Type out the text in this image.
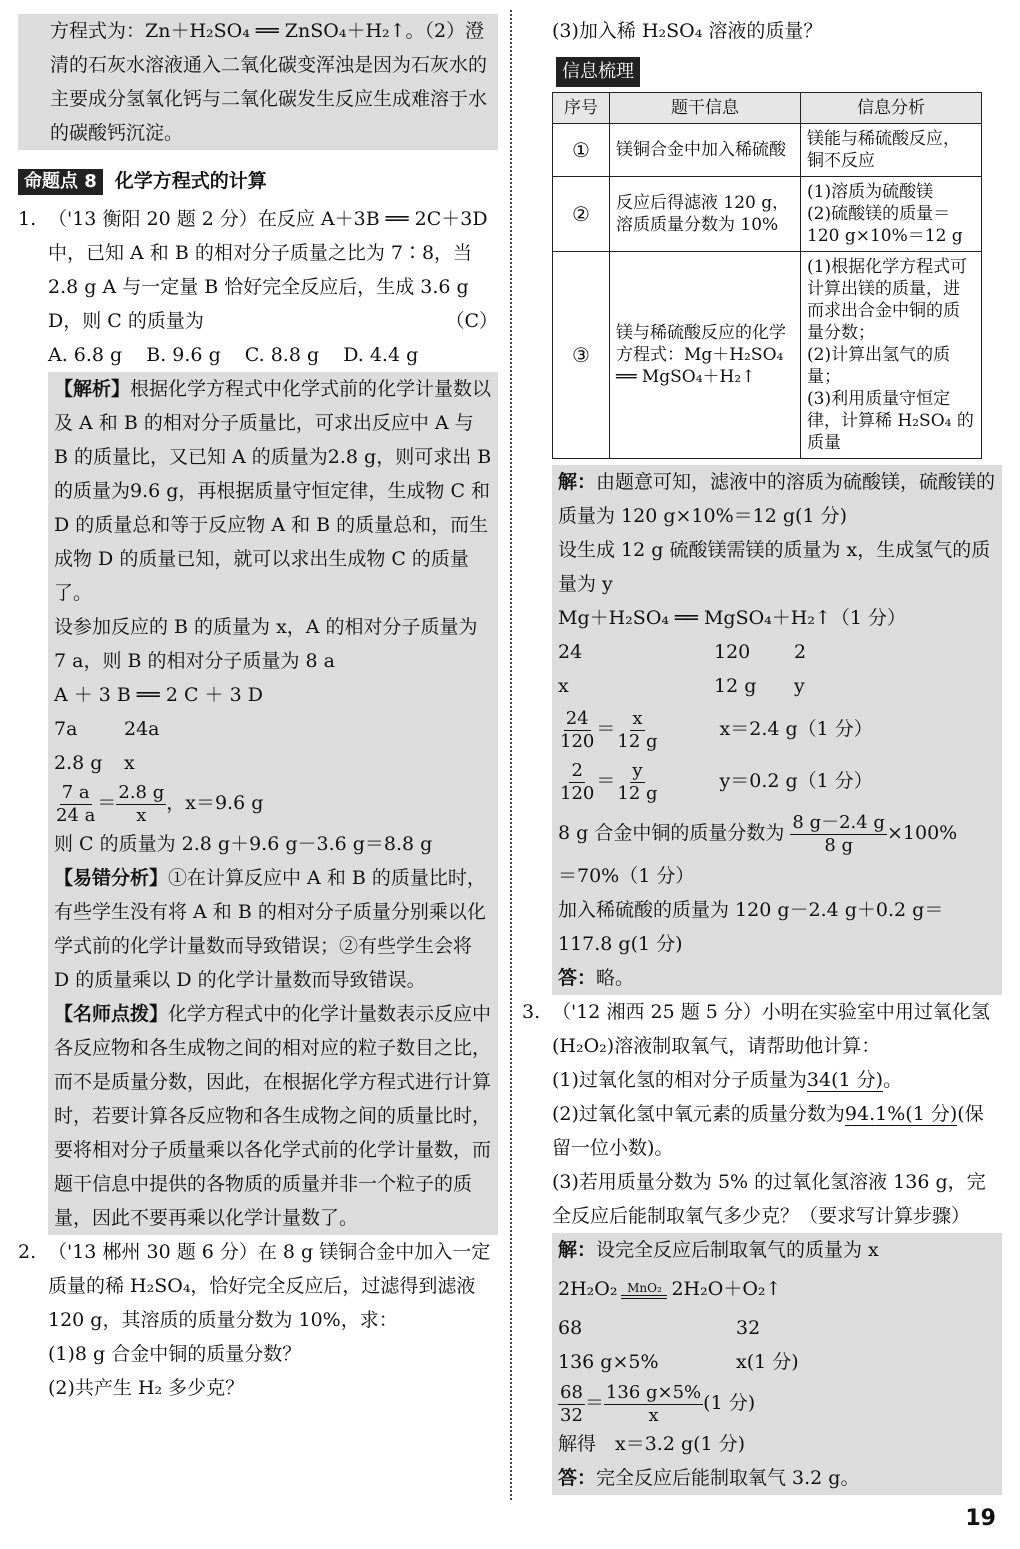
方程式为：Zn＋H₂SO₄ ══ ZnSO₄＋H₂↑。（2）澄清的石灰水溶液通入二氧化碳变浑浊是因为石灰水的主要成分氢氧化钙与二氧化碳发生反应生成难溶于水的碳酸钙沉淀。

命题点 8 化学方程式的计算
1. （'13 衡阳 20 题 2 分）在反应 A＋3B ══ 2C＋3D 中，已知 A 和 B 的相对分子质量之比为 7∶8，当 2.8 g A 与一定量 B 恰好完全反应后，生成 3.6 g D，则 C 的质量为	（C）
A. 6.8 g B. 9.6 g C. 8.8 g D. 4.4 g

【解析】根据化学方程式中化学式前的化学计量数以及 A 和 B 的相对分子质量比，可求出反应中 A 与 B 的质量比，又已知 A 的质量为2.8 g，则可求出 B 的质量为9.6 g，再根据质量守恒定律，生成物 C 和 D 的质量总和等于反应物 A 和 B 的质量总和，而生成物 D 的质量已知，就可以求出生成物 C 的质量了。

设参加反应的 B 的质量为 x，A 的相对分子质量为 7 a，则 B 的相对分子质量为 8 a

A ＋ 3 B ══ 2 C ＋ 3 D

7a 24a

2.8 g x

$\frac{7 a}{24 a} = \frac{2.8 g}{x}$ ，x＝9.6 g

则 C 的质量为 2.8 g＋9.6 g－3.6 g＝8.8 g

【易错分析】①在计算反应中 A 和 B 的质量比时，有些学生没有将 A 和 B 的相对分子质量分别乘以化学式前的化学计量数而导致错误；②有些学生会将 D 的质量乘以 D 的化学计量数而导致错误。

【名师点拨】化学方程式中的化学计量数表示反应中各反应物和各生成物之间的相对应的粒子数目之比，而不是质量分数，因此，在根据化学方程式进行计算时，若要计算各反应物和各生成物之间的质量比时，要将相对分子质量乘以各化学式前的化学计量数，而题干信息中提供的各物质的质量并非一个粒子的质量，因此不要再乘以化学计量数了。

2. （'13 郴州 30 题 6 分）在 8 g 镁铜合金中加入一定质量的稀 H₂SO₄，恰好完全反应后，过滤得到滤液 120 g，其溶质的质量分数为 10%，求：

(1)8 g 合金中铜的质量分数？

(2)共产生 H₂ 多少克？

(3)加入稀 H₂SO₄ 溶液的质量？

信息梳理
序号	题干信息	信息分析
①	镁铜合金中加入稀硫酸	镁能与稀硫酸反应，铜不反应
②	反应后得滤液 120 g，溶质质量分数为 10%	(1)溶质为硫酸镁
(2)硫酸镁的质量＝120 g×10%＝12 g
③	镁与稀硫酸反应的化学方程式：Mg＋H₂SO₄ ══ MgSO₄＋H₂↑	(1)根据化学方程式可计算出镁的质量，进而求出合金中铜的质量分数；
(2)计算出氢气的质量；
(3)利用质量守恒定律，计算稀 H₂SO₄ 的质量

解：由题意可知，滤液中的溶质为硫酸镁，硫酸镁的质量为 120 g×10%＝12 g(1 分)

设生成 12 g 硫酸镁需镁的质量为 x，生成氢气的质量为 y

Mg＋H₂SO₄ ══ MgSO₄＋H₂↑（1 分）

24	120 2

x	12 g y

$\frac{24}{120} = \frac{x}{12 g}$	x＝2.4 g（1 分）

$\frac{2}{120} = \frac{y}{12 g}$	y＝0.2 g（1 分）

8 g 合金中铜的质量分数为 $\frac{8 g-2.4 g}{8 g} \times 100\%$

＝70%（1 分）

加入稀硫酸的质量为 120 g－2.4 g＋0.2 g＝117.8 g(1 分)

答：略。

3. （'12 湘西 25 题 5 分）小明在实验室中用过氧化氢(H₂O₂)溶液制取氧气，请帮助他计算：

(1)过氧化氢的相对分子质量为34(1 分)。

(2)过氧化氢中氧元素的质量分数为94.1%(1 分)(保留一位小数)。

(3)若用质量分数为 5% 的过氧化氢溶液 136 g，完全反应后能制取氧气多少克？（要求写计算步骤）

解：设完全反应后制取氧气的质量为 x

2H₂O₂ MnO₂ 2H₂O＋O₂↑

68	32

136 g×5%	x(1 分)

$\frac{68}{32} = \frac{136 g\times 5\%}{x} (1$ 分)

解得　x＝3.2 g(1 分)

答：完全反应后能制取氧气 3.2 g。

19
